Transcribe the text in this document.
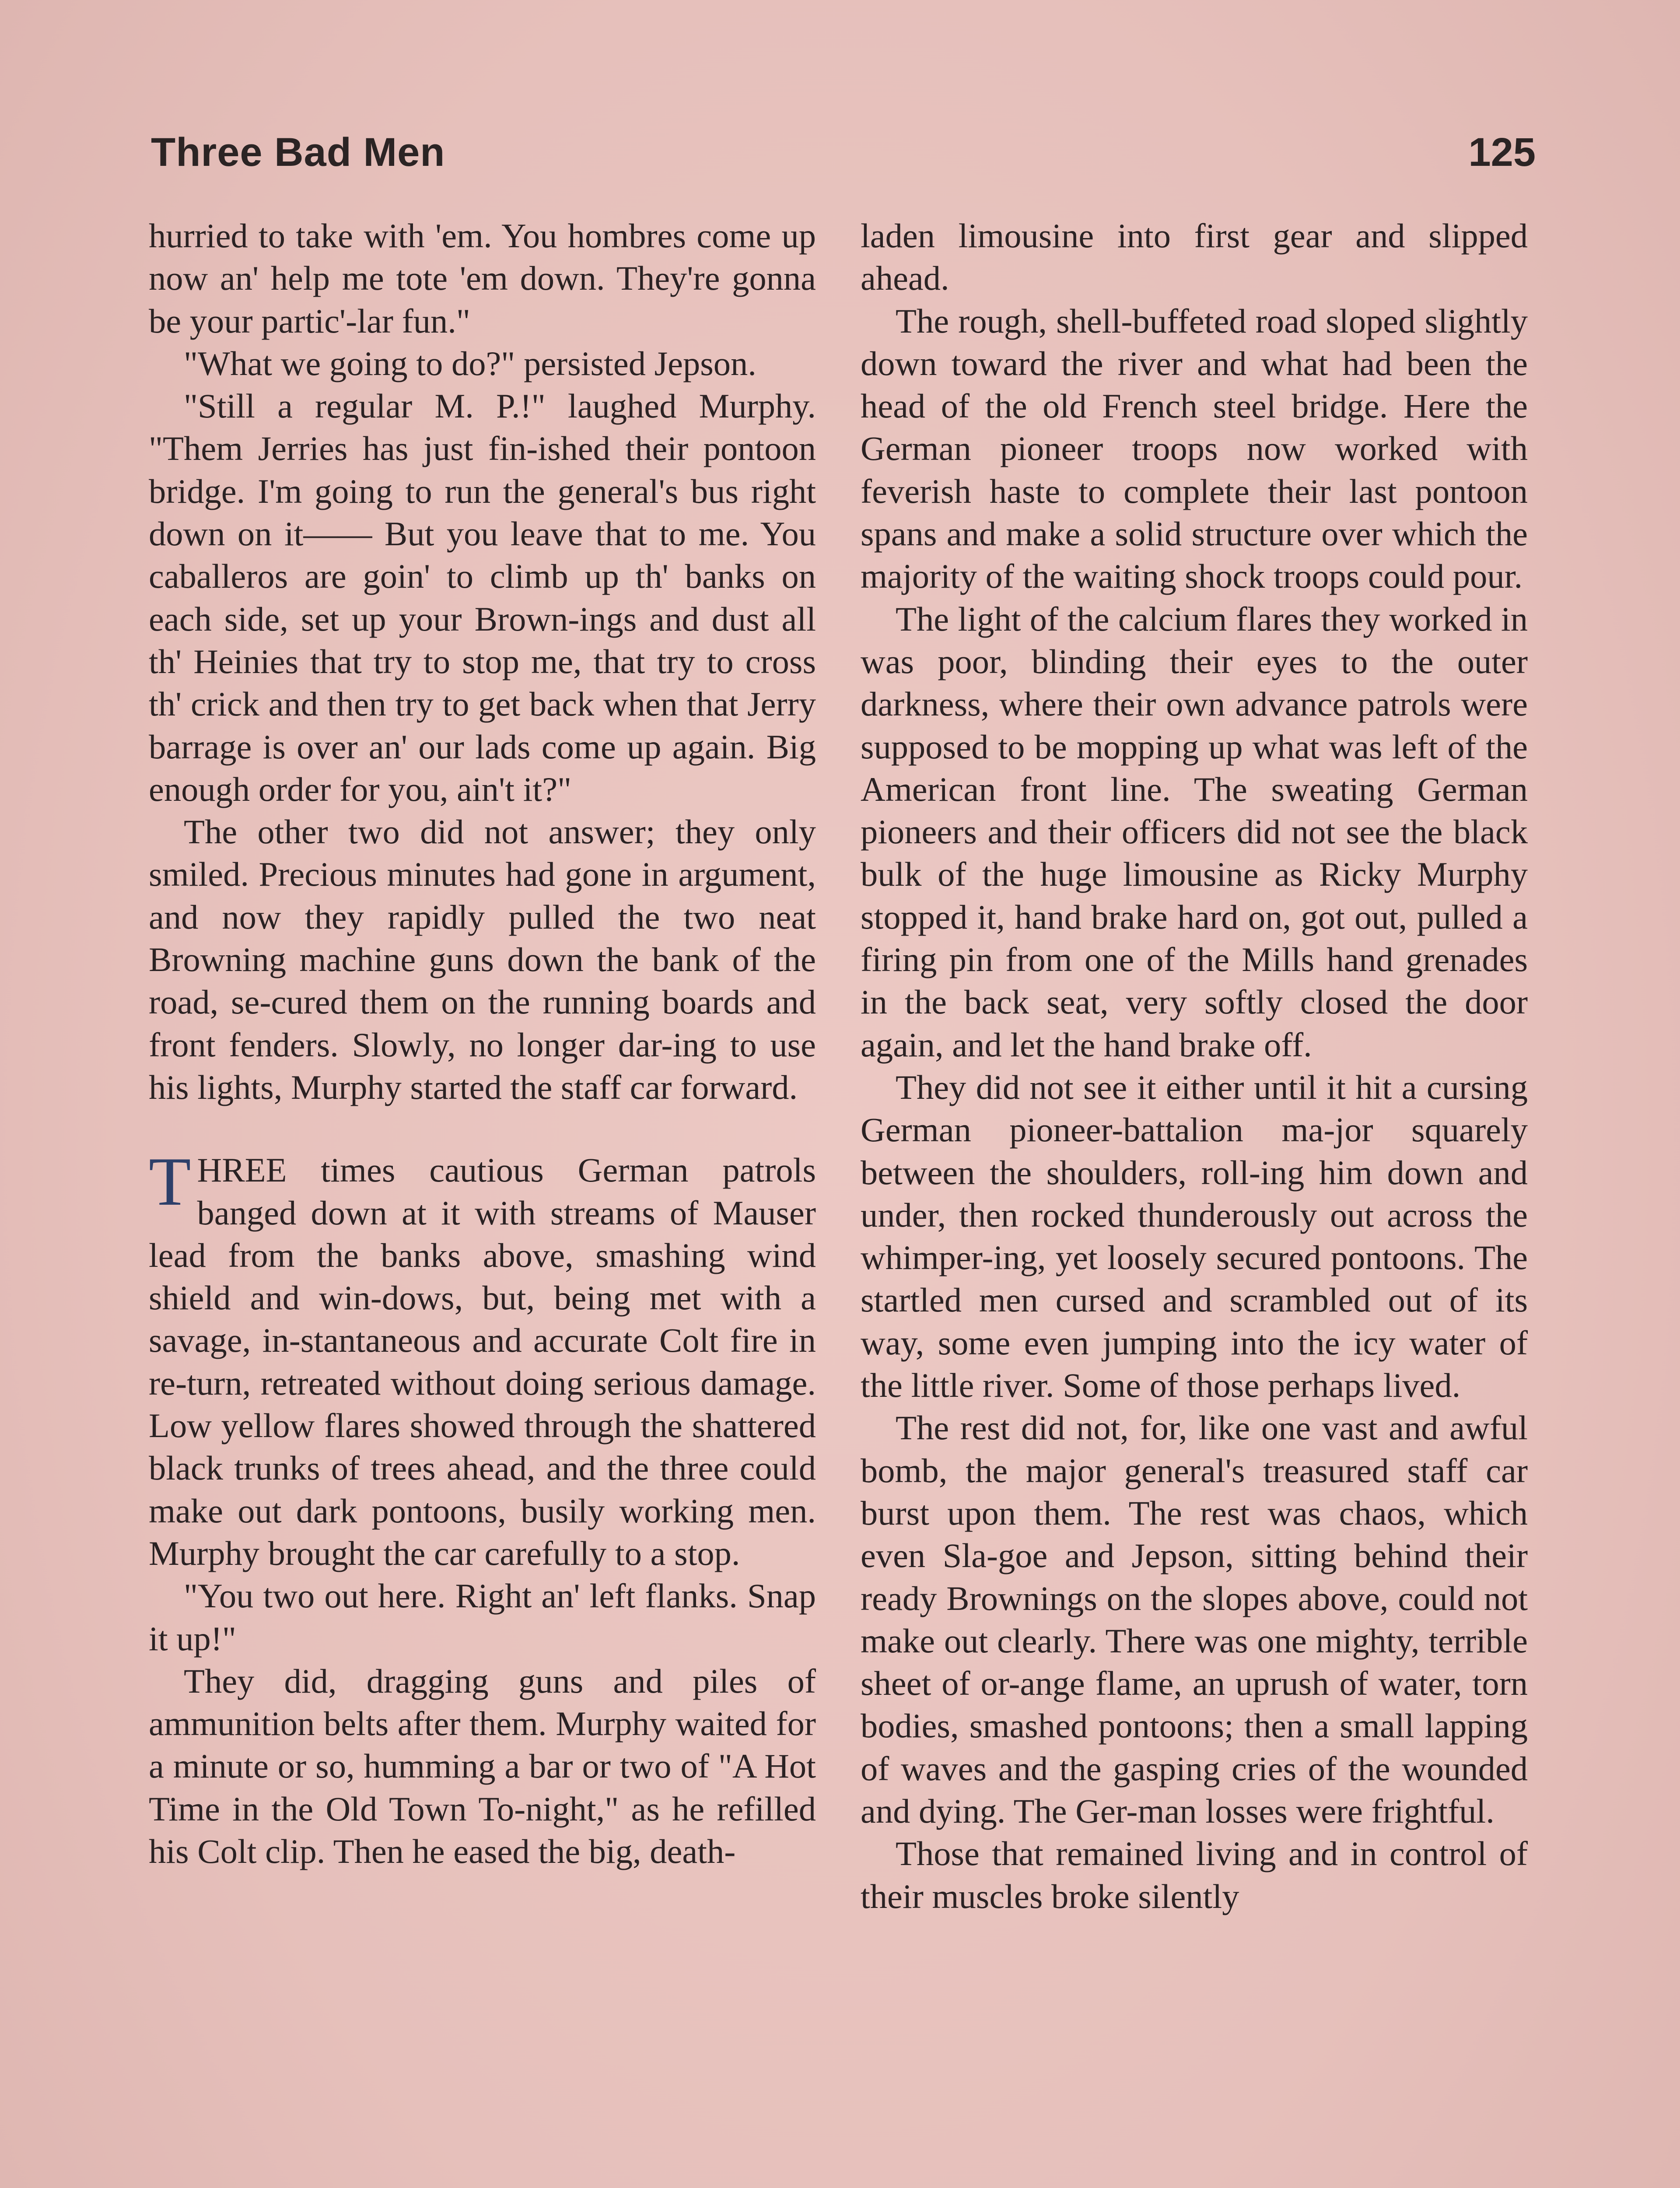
Three Bad Men	125

hurried to take with 'em. You hombres come up now an' help me tote 'em down. They're gonna be your partic'-lar fun."

"What we going to do?" persisted Jepson.

"Still a regular M. P.!" laughed Murphy. "Them Jerries has just fin-ished their pontoon bridge. I'm going to run the general's bus right down on it—— But you leave that to me. You caballeros are goin' to climb up th' banks on each side, set up your Brown-ings and dust all th' Heinies that try to stop me, that try to cross th' crick and then try to get back when that Jerry barrage is over an' our lads come up again. Big enough order for you, ain't it?"

The other two did not answer; they only smiled. Precious minutes had gone in argument, and now they rapidly pulled the two neat Browning machine guns down the bank of the road, se-cured them on the running boards and front fenders. Slowly, no longer dar-ing to use his lights, Murphy started the staff car forward.

THREE times cautious German patrols banged down at it with streams of Mauser lead from the banks above, smashing wind shield and win-dows, but, being met with a savage, in-stantaneous and accurate Colt fire in re-turn, retreated without doing serious damage. Low yellow flares showed through the shattered black trunks of trees ahead, and the three could make out dark pontoons, busily working men. Murphy brought the car carefully to a stop.

"You two out here. Right an' left flanks. Snap it up!"

They did, dragging guns and piles of ammunition belts after them. Murphy waited for a minute or so, humming a bar or two of "A Hot Time in the Old Town To-night," as he refilled his Colt clip. Then he eased the big, death-

laden limousine into first gear and slipped ahead.

The rough, shell-buffeted road sloped slightly down toward the river and what had been the head of the old French steel bridge. Here the German pioneer troops now worked with feverish haste to complete their last pontoon spans and make a solid structure over which the majority of the waiting shock troops could pour.

The light of the calcium flares they worked in was poor, blinding their eyes to the outer darkness, where their own advance patrols were supposed to be mopping up what was left of the American front line. The sweating German pioneers and their officers did not see the black bulk of the huge limousine as Ricky Murphy stopped it, hand brake hard on, got out, pulled a firing pin from one of the Mills hand grenades in the back seat, very softly closed the door again, and let the hand brake off.

They did not see it either until it hit a cursing German pioneer-battalion ma-jor squarely between the shoulders, roll-ing him down and under, then rocked thunderously out across the whimper-ing, yet loosely secured pontoons. The startled men cursed and scrambled out of its way, some even jumping into the icy water of the little river. Some of those perhaps lived.

The rest did not, for, like one vast and awful bomb, the major general's treasured staff car burst upon them. The rest was chaos, which even Sla-goe and Jepson, sitting behind their ready Brownings on the slopes above, could not make out clearly. There was one mighty, terrible sheet of or-ange flame, an uprush of water, torn bodies, smashed pontoons; then a small lapping of waves and the gasping cries of the wounded and dying. The Ger-man losses were frightful.

Those that remained living and in control of their muscles broke silently
